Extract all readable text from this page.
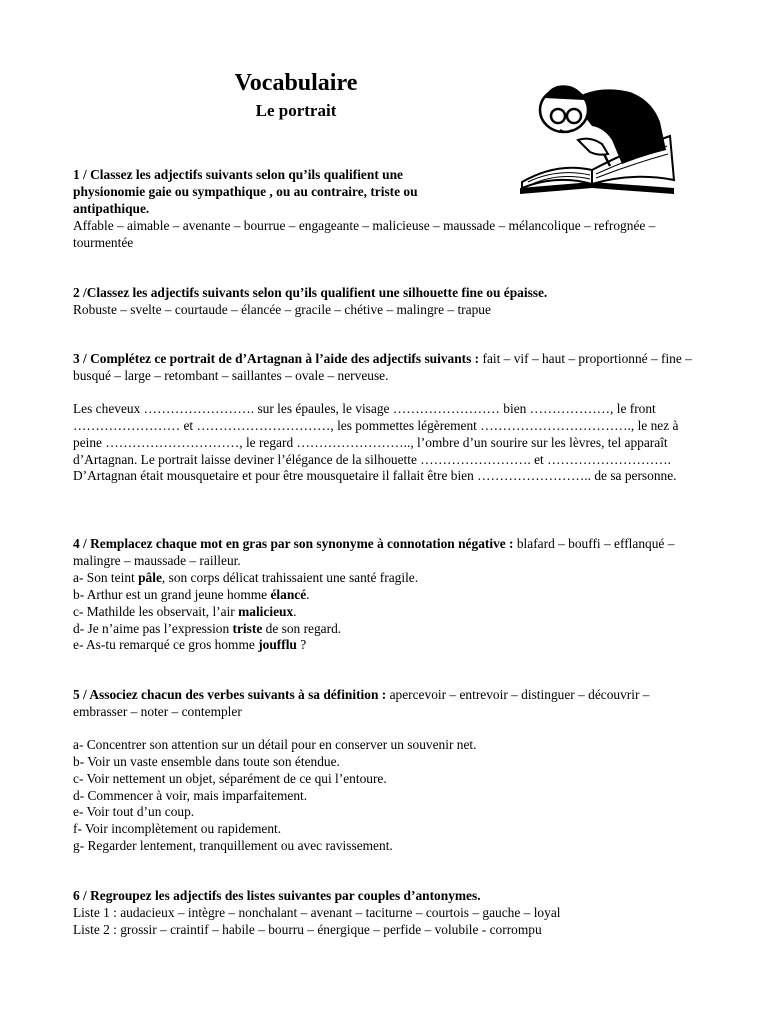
Vocabulaire
Le portrait

1 / Classez les adjectifs suivants selon qu’ils qualifient une physionomie gaie ou sympathique , ou au contraire, triste ou antipathique.

Affable – aimable – avenante – bourrue – engageante – malicieuse – maussade – mélancolique – refrognée – tourmentée

2 /Classez les adjectifs suivants selon qu’ils qualifient une silhouette fine ou épaisse.

Robuste – svelte – courtaude – élancée – gracile – chétive – malingre – trapue

3 / Complétez ce portrait de d’Artagnan à l’aide des adjectifs suivants : fait – vif – haut – proportionné – fine – busqué – large – retombant – saillantes – ovale – nerveuse.

Les cheveux ……………………. sur les épaules, le visage …………………… bien ………………, le front …………………… et …………………………, les pommettes légèrement ……………………………., le nez à peine …………………………, le regard …………………….., l’ombre d’un sourire sur les lèvres, tel apparaît d’Artagnan. Le portrait laisse deviner l’élégance de la silhouette ……………………. et ………………………. D’Artagnan était mousquetaire et pour être mousquetaire il fallait être bien …………………….. de sa personne.

4 / Remplacez chaque mot en gras par son synonyme à connotation négative : blafard – bouffi – efflanqué – malingre – maussade – railleur.

a- Son teint pâle, son corps délicat trahissaient une santé fragile.

b- Arthur est un grand jeune homme élancé.

c- Mathilde les observait, l’air malicieux.

d- Je n’aime pas l’expression triste de son regard.

e- As-tu remarqué ce gros homme joufflu ?

5 / Associez chacun des verbes suivants à sa définition : apercevoir – entrevoir – distinguer – découvrir – embrasser – noter – contempler

a- Concentrer son attention sur un détail pour en conserver un souvenir net.

b- Voir un vaste ensemble dans toute son étendue.

c- Voir nettement un objet, séparément de ce qui l’entoure.

d- Commencer à voir, mais imparfaitement.

e- Voir tout d’un coup.

f- Voir incomplètement ou rapidement.

g- Regarder lentement, tranquillement ou avec ravissement.

6 / Regroupez les adjectifs des listes suivantes par couples d’antonymes.

Liste 1 : audacieux – intègre – nonchalant – avenant – taciturne – courtois – gauche – loyal

Liste 2 : grossir – craintif – habile – bourru – énergique – perfide – volubile - corrompu
